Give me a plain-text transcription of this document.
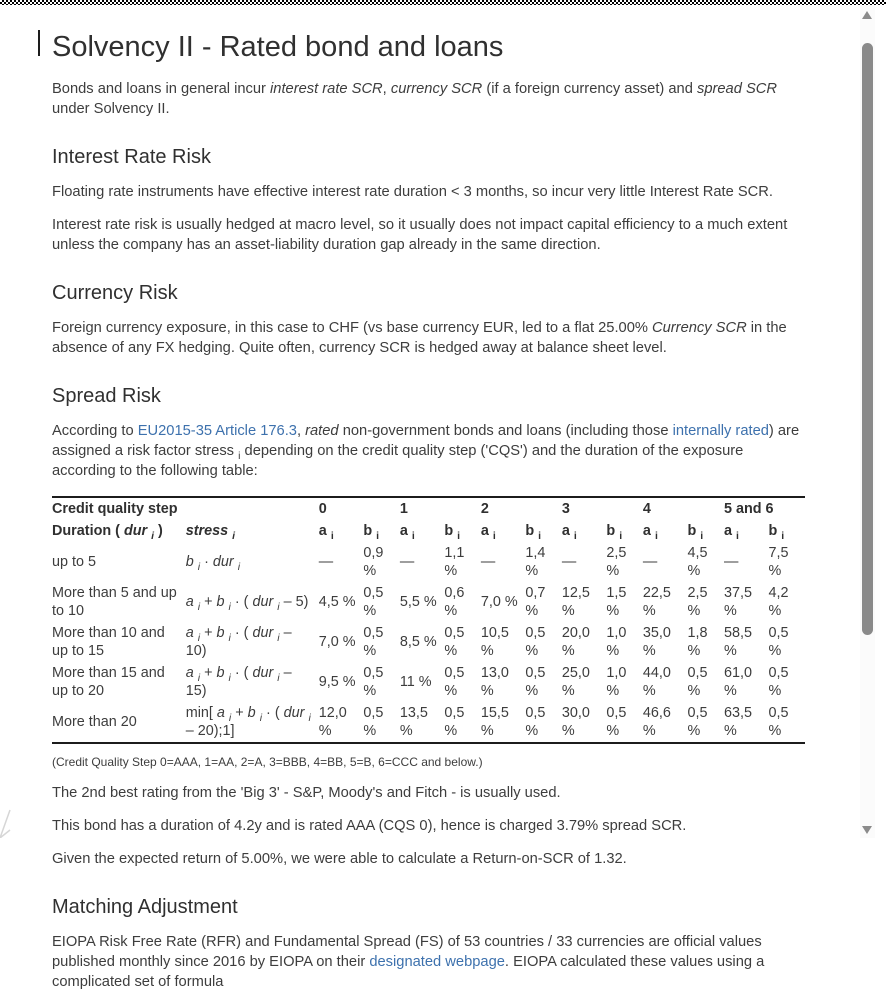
Solvency II - Rated bond and loans

Bonds and loans in general incur interest rate SCR, currency SCR (if a foreign currency asset) and spread SCR under Solvency II.

Interest Rate Risk

Floating rate instruments have effective interest rate duration < 3 months, so incur very little Interest Rate SCR.

Interest rate risk is usually hedged at macro level, so it usually does not impact capital efficiency to a much extent unless the company has an asset-liability duration gap already in the same direction.

Currency Risk

Foreign currency exposure, in this case to CHF (vs base currency EUR, led to a flat 25.00% Currency SCR in the absence of any FX hedging. Quite often, currency SCR is hedged away at balance sheet level.

Spread Risk

According to EU2015-35 Article 176.3, rated non-government bonds and loans (including those internally rated) are assigned a risk factor stress $_i$ depending on the credit quality step ('CQS') and the duration of the exposure according to the following table:

Credit quality step		0		1		2		3		4		5 and 6	
Duration ( dur $_i$ )	stress $_i$	a $_i$	b $_i$	a $_i$	b $_i$	a $_i$	b $_i$	a $_i$	b $_i$	a $_i$	b $_i$	a $_i$	b $_i$
up to 5	b $_i$ · dur $_i$	—	0,9 %	—	1,1 %	—	1,4 %	—	2,5 %	—	4,5 %	—	7,5 %
More than 5 and up to 10	a $_i$ + b $_i$ · ( dur $_i$ – 5)	4,5 %	0,5 %	5,5 %	0,6 %	7,0 %	0,7 %	12,5 %	1,5 %	22,5 %	2,5 %	37,5 %	4,2 %
More than 10 and up to 15	a $_i$ + b $_i$ · ( dur $_i$ – 10)	7,0 %	0,5 %	8,5 %	0,5 %	10,5 %	0,5 %	20,0 %	1,0 %	35,0 %	1,8 %	58,5 %	0,5 %
More than 15 and up to 20	a $_i$ + b $_i$ · ( dur $_i$ – 15)	9,5 %	0,5 %	11 %	0,5 %	13,0 %	0,5 %	25,0 %	1,0 %	44,0 %	0,5 %	61,0 %	0,5 %
More than 20	min[ a $_i$ + b $_i$ · ( dur $_i$ – 20);1]	12,0 %	0,5 %	13,5 %	0,5 %	15,5 %	0,5 %	30,0 %	0,5 %	46,6 %	0,5 %	63,5 %	0,5 %

(Credit Quality Step 0=AAA, 1=AA, 2=A, 3=BBB, 4=BB, 5=B, 6=CCC and below.)

The 2nd best rating from the 'Big 3' - S&P, Moody's and Fitch - is usually used.

This bond has a duration of 4.2y and is rated AAA (CQS 0), hence is charged 3.79% spread SCR.

Given the expected return of 5.00%, we were able to calculate a Return-on-SCR of 1.32.

Matching Adjustment

EIOPA Risk Free Rate (RFR) and Fundamental Spread (FS) of 53 countries / 33 currencies are official values published monthly since 2016 by EIOPA on their designated webpage. EIOPA calculated these values using a complicated set of formula
